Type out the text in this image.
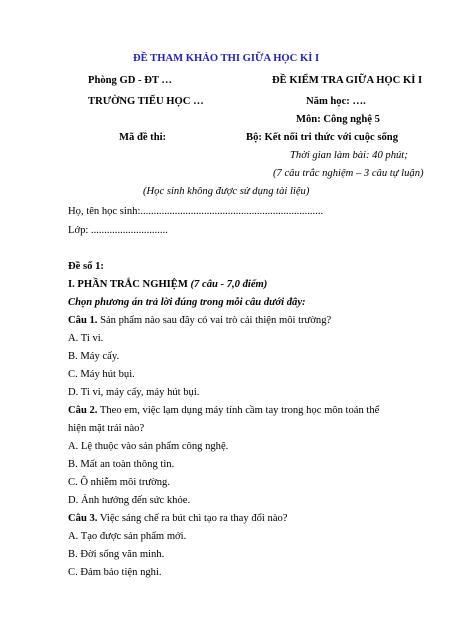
ĐỀ THAM KHẢO THI GIỮA HỌC KÌ I
Phòng GD - ĐT …
TRƯỜNG TIỂU HỌC …
Mã đề thi:
ĐỀ KIỂM TRA GIỮA HỌC KÌ I
Năm học: ….
Môn: Công nghệ 5
Bộ: Kết nối tri thức với cuộc sống
Thời gian làm bài: 40 phút;
(7 câu trắc nghiệm – 3 câu tự luận)
(Học sinh không được sử dụng tài liệu)
Họ, tên học sinh:.....................................................................
Lớp: .............................
Đề số 1:
I. PHẦN TRẮC NGHIỆM (7 câu - 7,0 điểm)
Chọn phương án trả lời đúng trong mỗi câu dưới đây:
Câu 1. Sản phẩm nào sau đây có vai trò cải thiện môi trường?
A. Ti vi.
B. Máy cấy.
C. Máy hút bụi.
D. Ti vi, máy cấy, máy hút bụi.
Câu 2. Theo em, việc lạm dụng máy tính cầm tay trong học môn toán thể
hiện mặt trái nào?
A. Lệ thuộc vào sản phẩm công nghệ.
B. Mất an toàn thông tin.
C. Ô nhiễm môi trường.
D. Ảnh hưởng đến sức khỏe.
Câu 3. Việc sáng chế ra bút chì tạo ra thay đổi nào?
A. Tạo được sản phẩm mới.
B. Đời sống văn minh.
C. Đảm bảo tiện nghi.
